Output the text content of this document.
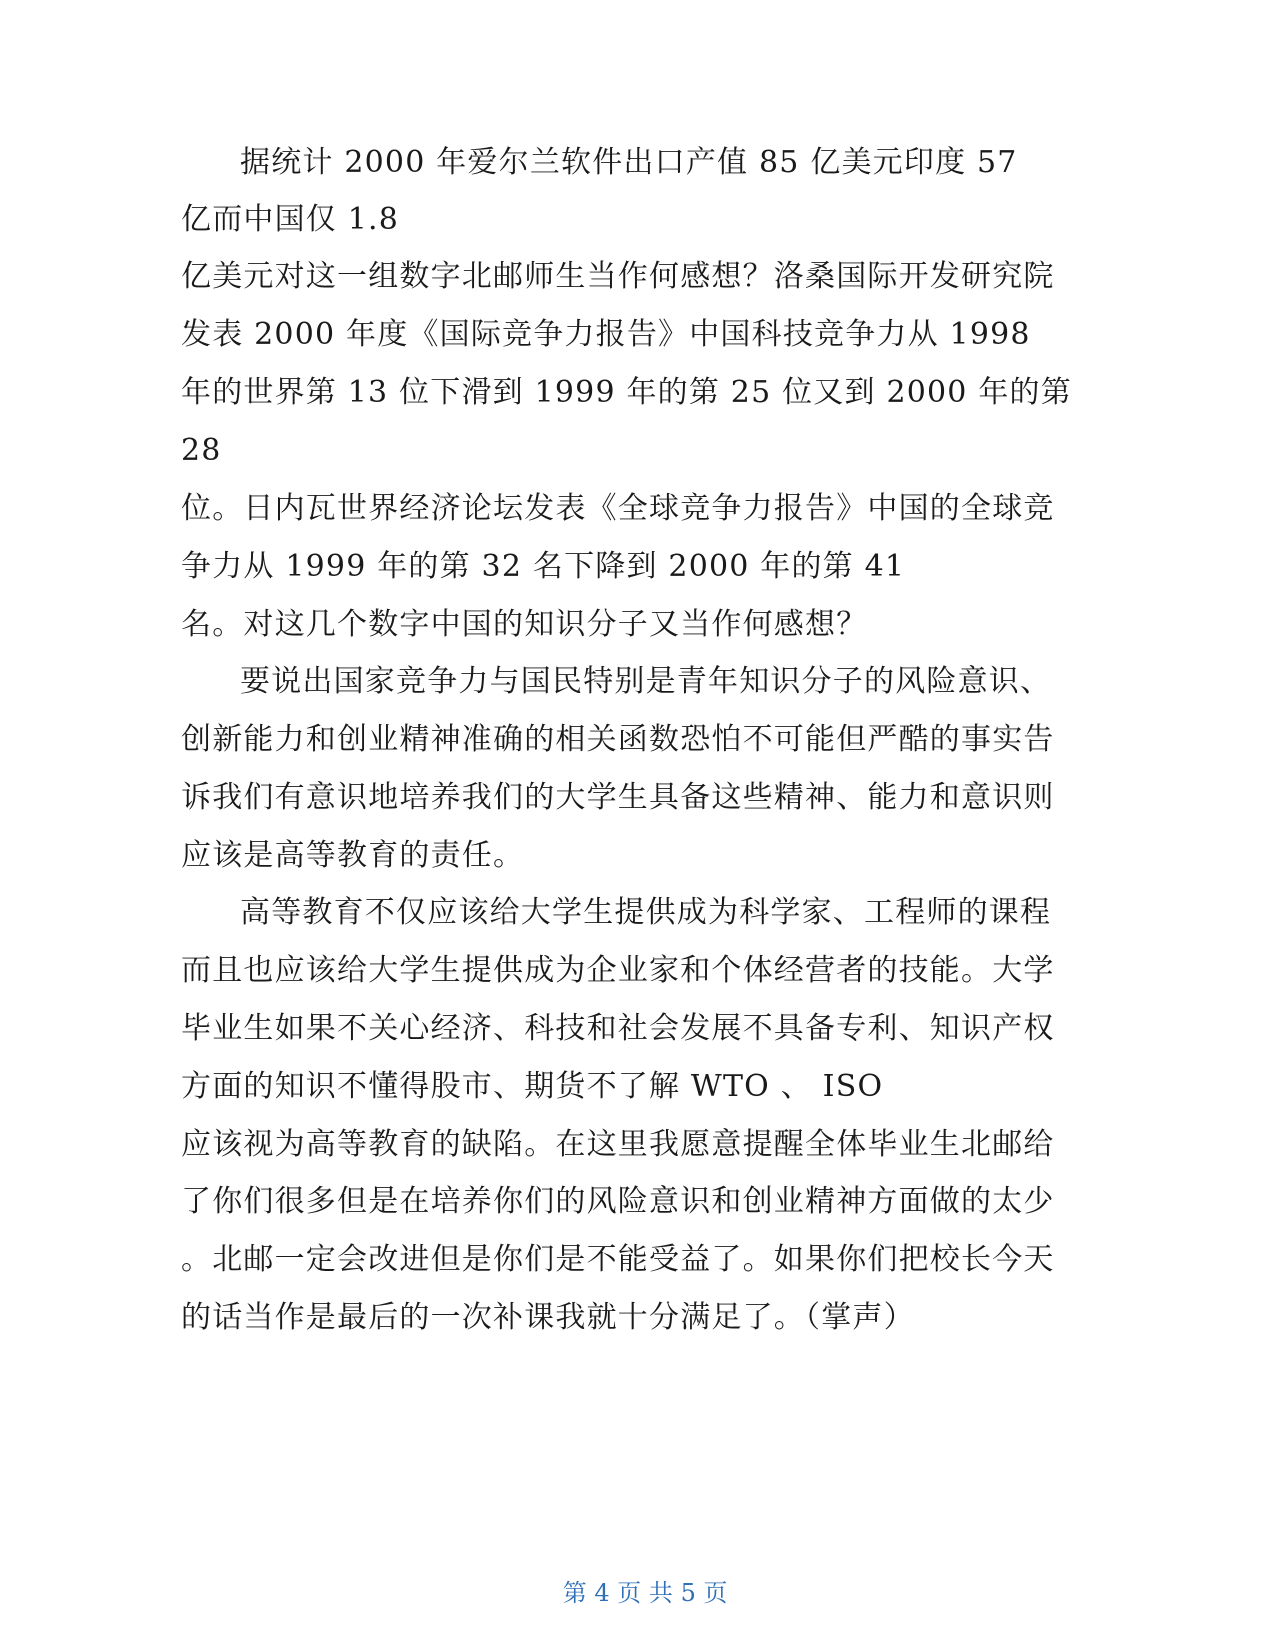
据统计 2000 年爱尔兰软件出口产值 85 亿美元印度 57
亿而中国仅 1.8
亿美元对这一组数字北邮师生当作何感想？洛桑国际开发研究院
发表 2000 年度《国际竞争力报告》中国科技竞争力从 1998
年的世界第 13 位下滑到 1999 年的第 25 位又到 2000 年的第
28
位。日内瓦世界经济论坛发表《全球竞争力报告》中国的全球竞
争力从 1999 年的第 32 名下降到 2000 年的第 41
名。对这几个数字中国的知识分子又当作何感想？
要说出国家竞争力与国民特别是青年知识分子的风险意识、
创新能力和创业精神准确的相关函数恐怕不可能但严酷的事实告
诉我们有意识地培养我们的大学生具备这些精神、能力和意识则
应该是高等教育的责任。
高等教育不仅应该给大学生提供成为科学家、工程师的课程
而且也应该给大学生提供成为企业家和个体经营者的技能。大学
毕业生如果不关心经济、科技和社会发展不具备专利、知识产权
方面的知识不懂得股市、期货不了解 WTO 、 ISO
应该视为高等教育的缺陷。在这里我愿意提醒全体毕业生北邮给
了你们很多但是在培养你们的风险意识和创业精神方面做的太少
。北邮一定会改进但是你们是不能受益了。如果你们把校长今天
的话当作是最后的一次补课我就十分满足了。（掌声）

第 4 页 共 5 页
